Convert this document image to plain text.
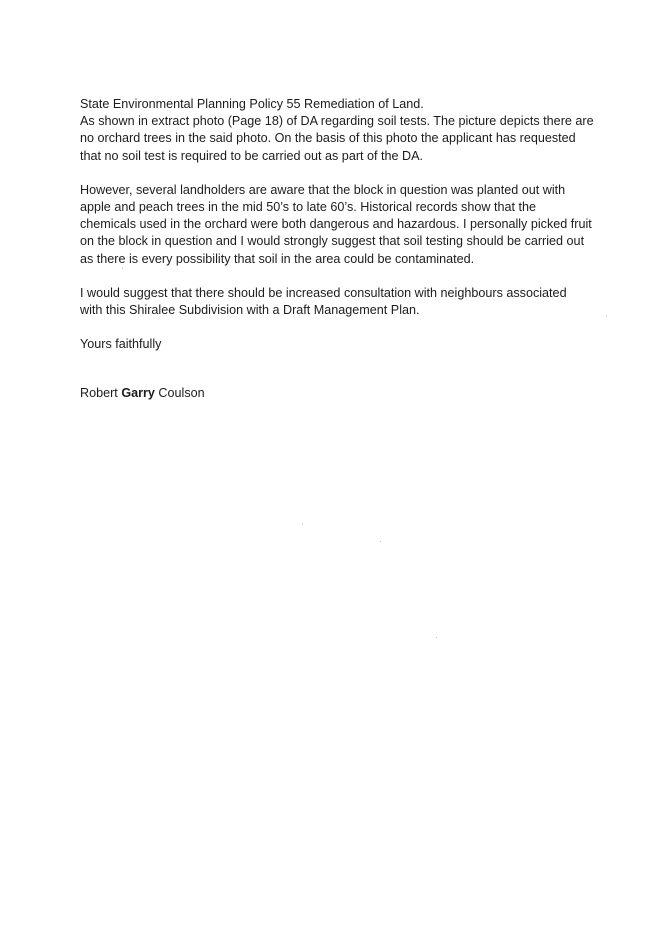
State Environmental Planning Policy 55 Remediation of Land.

As shown in extract photo (Page 18) of DA regarding soil tests. The picture depicts there are
no orchard trees in the said photo. On the basis of this photo the applicant has requested
that no soil test is required to be carried out as part of the DA.

However, several landholders are aware that the block in question was planted out with
apple and peach trees in the mid 50’s to late 60’s. Historical records show that the
chemicals used in the orchard were both dangerous and hazardous. I personally picked fruit
on the block in question and I would strongly suggest that soil testing should be carried out
as there is every possibility that soil in the area could be contaminated.

I would suggest that there should be increased consultation with neighbours associated
with this Shiralee Subdivision with a Draft Management Plan.

Yours faithfully

Robert Garry Coulson
